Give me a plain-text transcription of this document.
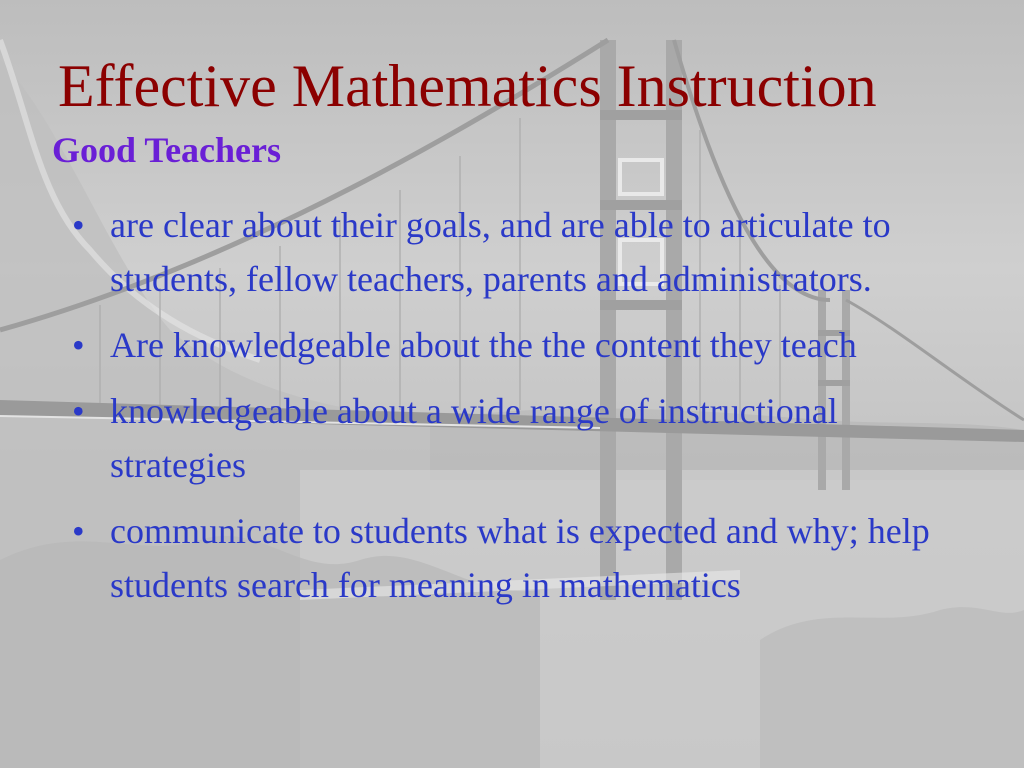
Effective Mathematics Instruction
Good Teachers
• are clear about their goals, and are able to articulate to students, fellow teachers, parents and administrators.
• Are knowledgeable about the the content they teach
• knowledgeable about a wide range of instructional strategies
• communicate to students what is expected and why; help students search for meaning in mathematics
